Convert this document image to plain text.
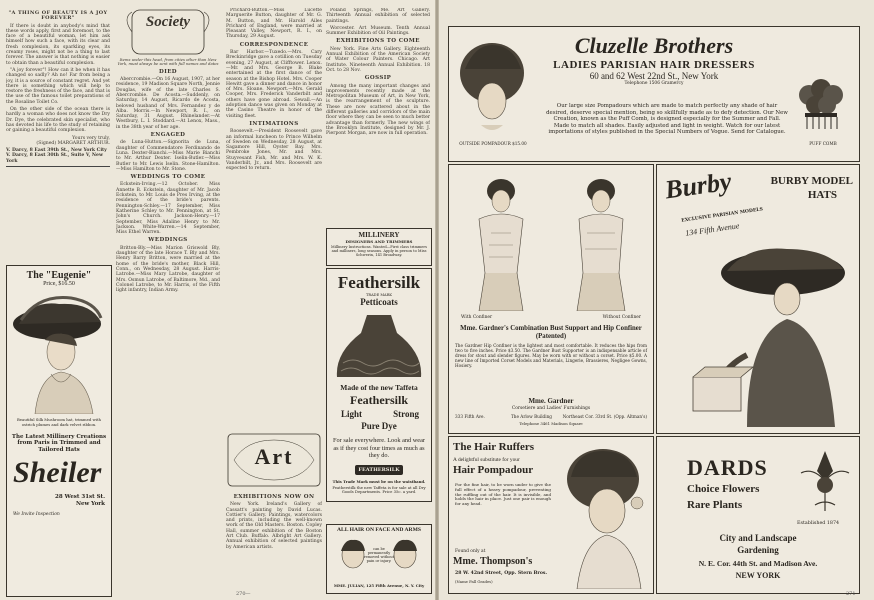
"A THING OF BEAUTY IS A JOY FOREVER"

If there is doubt in anybody's mind that these words apply, first and foremost, to the face of a beautiful woman, let him ask himself how such a face, with its clear and fresh complexion, its sparkling eyes, its creamy roses, might not be a thing to last forever. The answer is that nothing is easier to obtain than a beautiful complexion.

"A joy forever"! How can it be when it has changed so sadly? Ah no! Far from being a joy, it is a source of constant regret. And yet there is something which will help to restore the freshness of the face, and that is the use of the famous toilet preparations of the Rosaline Toilet Co.

On the other side of the ocean there is hardly a woman who does not know the Dry Dr. Dye, the celebrated skin specialist, who has devoted his life to the study of retaining or gaining a beautiful complexion.

Yours very truly,
(Signed) MARGARET ARTHUR.
V. Darcy, 8 East 39th St., New York City
V. Darcy, 8 East 30th St., Suite V, New York
The "Eugenie"
Price, $16.50
Beautiful Silk Mushroom hat, trimmed with ostrich plumes and dark velvet ribbon.
The Latest Millinery Creations
from Paris in Trimmed and
Tailored Hats
Sheiler
28 West 31st St.
New York
We Invite Inspection
Society
Items under this head, from cities other than New York, must always be sent with full names and dates
DIED

Abercrombie.—On 16 August, 1907, at her residence, 19 Madison Square North, Jennie Douglas, wife of the late Charles S. Abercrombie. De Acosta.—Suddenly, on Saturday, 14 August, Ricardo de Acosta, beloved husband of Mrs. Fernandez y de Alba. Morris.—In Newport, R. I., on Saturday, 31 August. Rhinelander.—At Westbury, L. I. Stoddard.—At Lenox, Mass., in the 38th year of her age.

ENGAGED

de Luna-Hutton.—Signorita de Luna, daughter of Commendatore Ferdinando de Luna. Dexter-Bianchi.—Miss Marie Bianchi to Mr. Arthur Dexter. Iselin-Butler.—Miss Butler to Mr. Lewis Iselin. Stone-Hamilton.—Miss Hamilton to Mr. Stone.

WEDDINGS TO COME

Eckstein-Irving.—12 October. Miss Annette B. Eckstein, daughter of Mr. Jacob Eckstein, to Mr. Louis de Pres Irving, at the residence of the bride's parents. Pennington-Schley.—17 September, Miss Katherine Schley to Mr. Pennington, at St. John's Church. Jackson-Henry.—17 September, Miss Adaline Henry to Mr. Jackson. White-Warren.—14 September, Miss Ethel Warren.

WEDDINGS

Britton-Bly.—Miss Marion Griswold Bly, daughter of the late Horace T. Bly and Mrs. Henry Barry Britton, were married at the home of the bride's mother, Black Hill, Conn., on Wednesday, 28 August. Harris-Latrobe.—Miss Mary Latrobe, daughter of Mrs. Osmun Latrobe, of Baltimore, Md., and Colonel Latrobe, to Mr. Harris, of the Fifth light infantry, Indian Army.

270—

Prichard-Button.—Miss Lucette Marguerite Button, daughter of Mr. G. M. Button, and Mr. Harold Ailes Prichard of England, were married at Pleasant Valley, Newport, R. I., on Thursday, 29 August.

CORRESPONDENCE

Bar Harbor.—Tuxedo.—Mrs. Cary Breckinridge gave a cotillion on Tuesday evening, 27 August, at Clifftower. Lenox.—Mr. and Mrs. George B. Blake entertained at the first dance of the season at the Bishop Hotel. Mrs. Cooper Hewitt gave a dinner and dance in honor of Mrs. Sloane. Newport.—Mrs. Gerald Cooper, Mrs. Frederick Vanderbilt and others have gone abroad. Sewall.—An adoption dance was given on Monday at the Casino Theatre in honor of the visiting fleet.

INTIMATIONS

Roosevelt.—President Roosevelt gave an informal luncheon to Prince Wilhelm of Sweden on Wednesday, 28 August, at Sagamore Hill, Oyster Bay. Mrs. Pembroke Jones, Mr. and Mrs. Stuyvesant Fish, Mr. and Mrs. W. K. Vanderbilt, Jr., and Mrs. Roosevelt are expected to return.

Art
EXHIBITIONS NOW ON

New York. Ireland's Gallery of Cassatt's painting by David Lucas. Cottier's Gallery. Paintings, watercolors and prints, including the well-known work of the Old Masters. Boston. Copley Hall, summer exhibition of the Boston Art Club. Buffalo. Albright Art Gallery. Annual exhibition of selected paintings by American artists.

Poland Springs, Me. Art Gallery. Thirteenth Annual exhibition of selected paintings.

Worcester. Art Museum. Tenth Annual Summer Exhibition of Oil Paintings.

EXHIBITIONS TO COME

New York. Fine Arts Gallery. Eighteenth Annual Exhibition of the American Society of Water Colour Painters. Chicago. Art Institute. Nineteenth Annual Exhibition. 18 Oct. to 28 Nov.

GOSSIP

Among the many important changes and improvements recently made at the Metropolitan Museum of Art, in New York, is the rearrangement of the sculpture. These are now scattered about in the different galleries and corridors of the main floor where they can be seen to much better advantage than formerly. The new wings of the Brooklyn Institute, designed by Mr. J. Pierpont Morgan, are now in full operation.

MILLINERY
DESIGNERS AND TRIMMERS
Millinery Instructions. Wanted—First class trimmers and milliners, long seasons. Apply in person to Miss Schwerin, 141 Broadway.
Feathersilk
TRADE MARK
Petticoats
Made of the new Taffeta
Feathersilk
Light	Strong
Pure Dye
For sale everywhere. Look and wear as if they cost four times as much as they do.
FEATHERSILK
This Trade Mark must be on the waistband.
Featherstilk the new Taffeta is for sale at all Dry Goods Departments. Price 35c. a yard.
ALL HAIR ON FACE AND ARMS
can be permanently removed without pain or injury.
MME. JULIAN, 125 Fifth Avenue, N. Y. City
Cluzelle Brothers
LADIES PARISIAN HAIR DRESSERS
60 and 62 West 22nd St., New York
Telephone 1506 Gramercy
OUTSIDE POMPADOUR $15.00	PUFF COMB
Our large size Pompadours which are made to match perfectly any shade of hair desired, deserve special mention, being so skillfully made as to defy detection. Our New Creation, known as the Puff Comb, is designed especially for the Summer and Fall. Made to match all shades. Easily adjusted and light in weight. Watch for our latest importations of styles published in the Special Numbers of Vogue. Send for Catalogue.
With Confiner	Without Confiner
Mme. Gardner's Combination Bust Support and Hip Confiner (Patented)
The Gardner Hip Confiner is the lightest and most comfortable. It reduces the hips from two to five inches. Price $3.50. The Gardner Bust Supporter is an indispensable article of dress for stout and slender figures. May be worn with or without a corset. Price $5.00. A new line of Imported Corset Models and Materials, Lingerie, Brassieres, Negligee Gowns, Hosiery.
Mme. Gardner
Corsetiere and Ladies' Furnishings
333 Fifth Ave.	The Arlow Building	Northeast Cor. 33rd St. (Opp. Altman's)
Telephone 3461 Madison Square
Burby	BURBY MODEL
HATS
EXCLUSIVE PARISIAN MODELS
134 Fifth Avenue
The Hair Ruffers
A delightful substitute for your
Hair Pompadour
For the fine hair, to be worn under to give the full effect of a heavy pompadour, preventing the ruffling out of the hair. It is invisible, and holds the hair in place. Just one pair is enough for any head.
Found only at
Mme. Thompson's
28 W. 42nd Street, Opp. Stern Bros.
(Name Fall Grades)
DARDS
Choice Flowers
Rare Plants
Established 1874
City and Landscape
Gardening
N. E. Cor. 44th St. and Madison Ave.
NEW YORK
271
